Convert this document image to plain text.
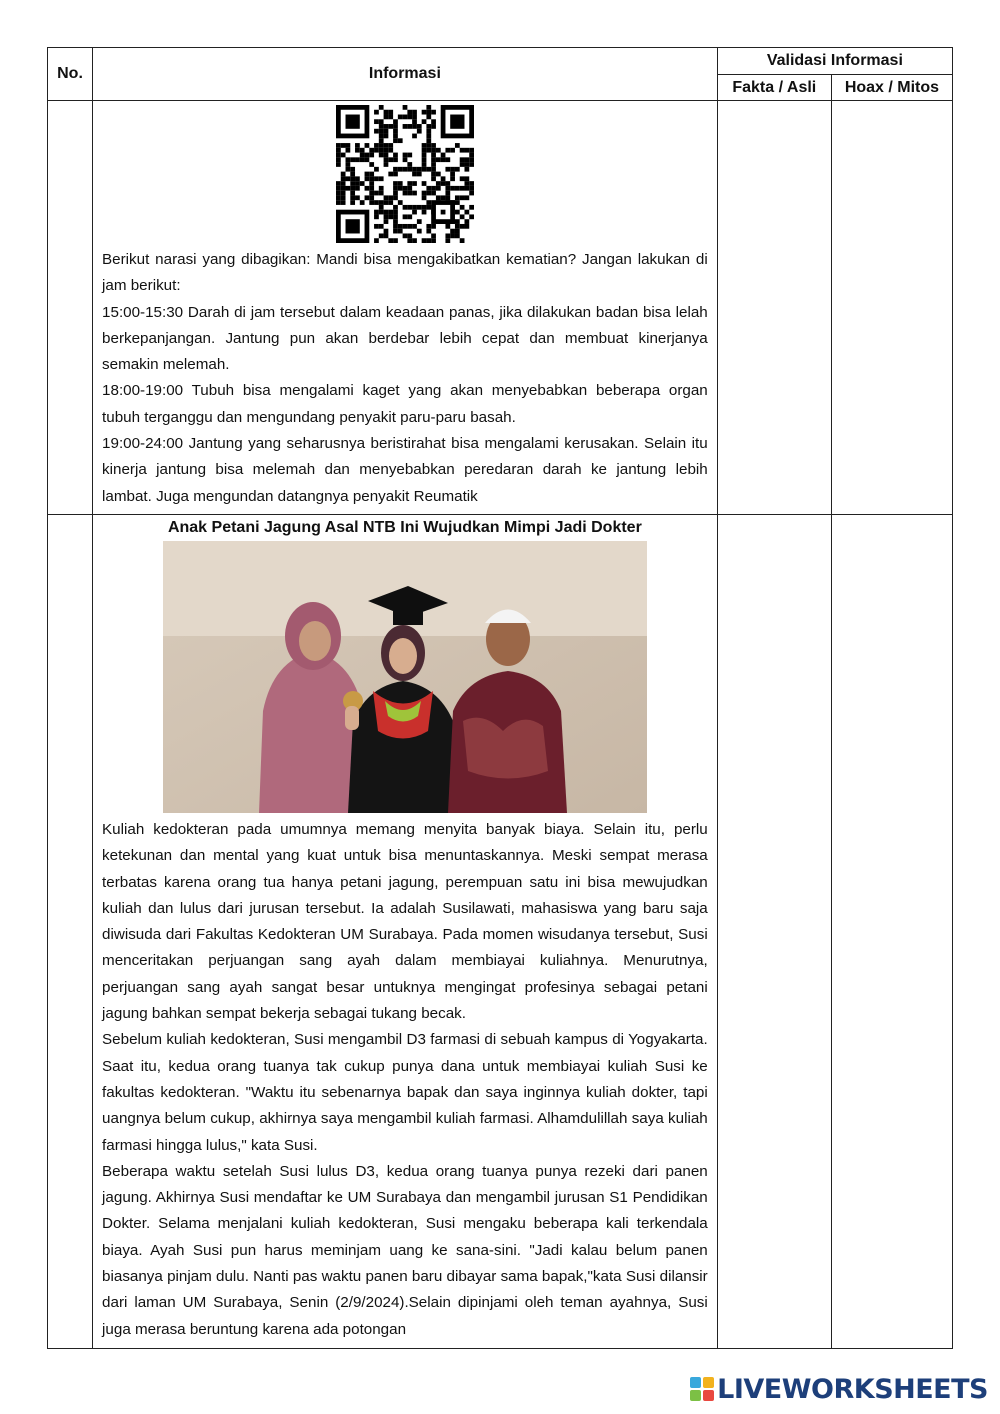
No.	Informasi	Validasi Informasi	
		Fakta / Asli	Hoax / Mitos

	Berikut narasi yang dibagikan: Mandi bisa mengakibatkan kematian? Jangan lakukan di jam berikut:

15:00-15:30 Darah di jam tersebut dalam keadaan panas, jika dilakukan badan bisa lelah berkepanjangan. Jantung pun akan berdebar lebih cepat dan membuat kinerjanya semakin melemah.

18:00-19:00 Tubuh bisa mengalami kaget yang akan menyebabkan beberapa organ tubuh terganggu dan mengundang penyakit paru-paru basah.

19:00-24:00 Jantung yang seharusnya beristirahat bisa mengalami kerusakan. Selain itu kinerja jantung bisa melemah dan menyebabkan peredaran darah ke jantung lebih lambat. Juga mengundan datangnya penyakit Reumatik		

	Anak Petani Jagung Asal NTB Ini Wujudkan Mimpi Jadi Dokter

Kuliah kedokteran pada umumnya memang menyita banyak biaya. Selain itu, perlu ketekunan dan mental yang kuat untuk bisa menuntaskannya. Meski sempat merasa terbatas karena orang tua hanya petani jagung, perempuan satu ini bisa mewujudkan kuliah dan lulus dari jurusan tersebut. Ia adalah Susilawati, mahasiswa yang baru saja diwisuda dari Fakultas Kedokteran UM Surabaya. Pada momen wisudanya tersebut, Susi menceritakan perjuangan sang ayah dalam membiayai kuliahnya. Menurutnya, perjuangan sang ayah sangat besar untuknya mengingat profesinya sebagai petani jagung bahkan sempat bekerja sebagai tukang becak.

Sebelum kuliah kedokteran, Susi mengambil D3 farmasi di sebuah kampus di Yogyakarta. Saat itu, kedua orang tuanya tak cukup punya dana untuk membiayai kuliah Susi ke fakultas kedokteran. "Waktu itu sebenarnya bapak dan saya inginnya kuliah dokter, tapi uangnya belum cukup, akhirnya saya mengambil kuliah farmasi. Alhamdulillah saya kuliah farmasi hingga lulus," kata Susi.

Beberapa waktu setelah Susi lulus D3, kedua orang tuanya punya rezeki dari panen jagung. Akhirnya Susi mendaftar ke UM Surabaya dan mengambil jurusan S1 Pendidikan Dokter. Selama menjalani kuliah kedokteran, Susi mengaku beberapa kali terkendala biaya. Ayah Susi pun harus meminjam uang ke sana-sini. "Jadi kalau belum panen biasanya pinjam dulu. Nanti pas waktu panen baru dibayar sama bapak,"kata Susi dilansir dari laman UM Surabaya, Senin (2/9/2024).Selain dipinjami oleh teman ayahnya, Susi juga merasa beruntung karena ada potongan		

LIVEWORKSHEETS
